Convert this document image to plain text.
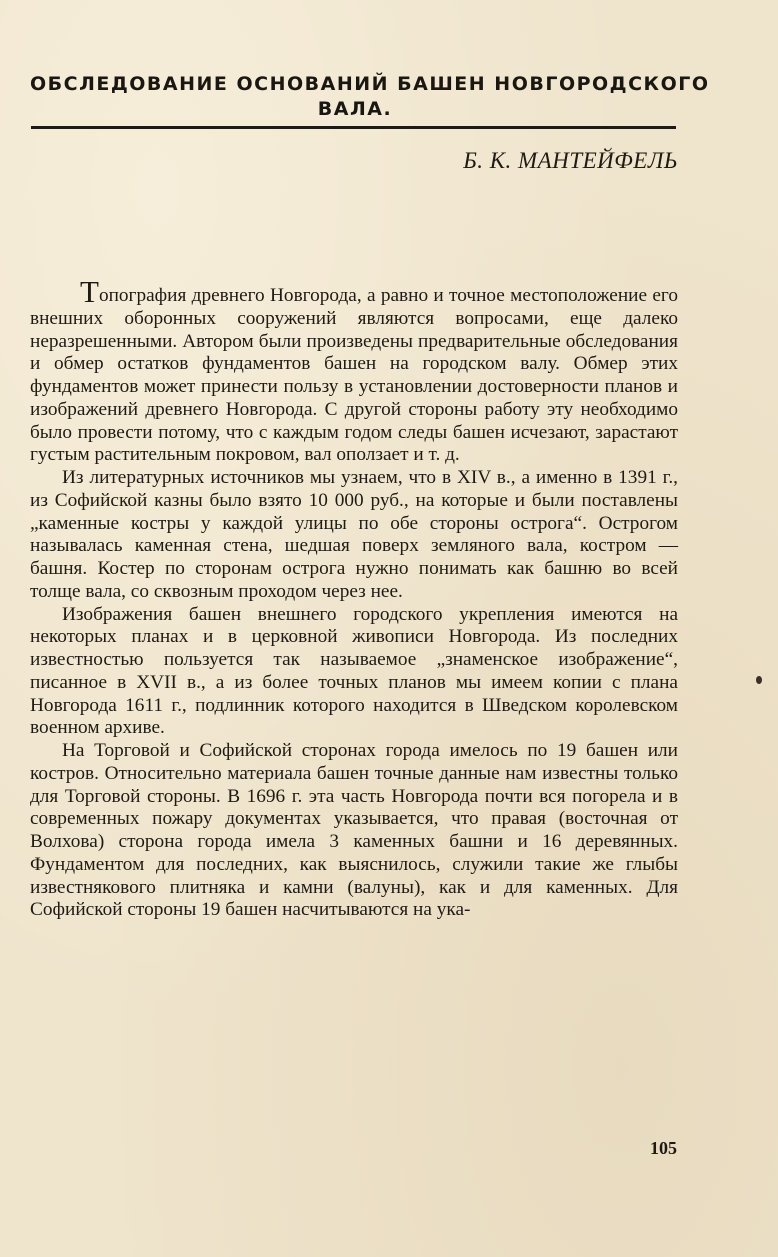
ОБСЛЕДОВАНИЕ ОСНОВАНИЙ БАШЕН НОВГОРОДСКОГО
ВАЛА.
Б. К. МАНТЕЙФЕЛЬ

Топография древнего Новгорода, а равно и точное местоположение его внешних оборонных сооружений являются вопросами, еще далеко неразрешенными. Автором были произведены предварительные обследования и обмер остатков фундаментов башен на городском валу. Обмер этих фундаментов может принести пользу в установлении достоверности планов и изображений древнего Новгорода. С другой стороны работу эту необходимо было провести потому, что с каждым годом следы башен исчезают, зарастают густым растительным покровом, вал оползает и т. д.

Из литературных источников мы узнаем, что в XIV в., а именно в 1391 г., из Софийской казны было взято 10 000 руб., на которые и были поставлены „каменные костры у каждой улицы по обе стороны острога“. Острогом называлась каменная стена, шедшая поверх земляного вала, костром — башня. Костер по сторонам острога нужно понимать как башню во всей толще вала, со сквозным проходом через нее.

Изображения башен внешнего городского укрепления имеются на некоторых планах и в церковной живописи Новгорода. Из последних известностью пользуется так называемое „знаменское изображение“, писанное в XVII в., а из более точных планов мы имеем копии с плана Новгорода 1611 г., подлинник которого находится в Шведском королевском военном архиве.

На Торговой и Софийской сторонах города имелось по 19 башен или костров. Относительно материала башен точные данные нам известны только для Торговой стороны. В 1696 г. эта часть Новгорода почти вся погорела и в современных пожару документах указывается, что правая (восточная от Волхова) сторона города имела 3 каменных башни и 16 деревянных. Фундаментом для последних, как выяснилось, служили такие же глыбы известнякового плитняка и камни (валуны), как и для каменных. Для Софийской стороны 19 башен насчитываются на ука-

105
